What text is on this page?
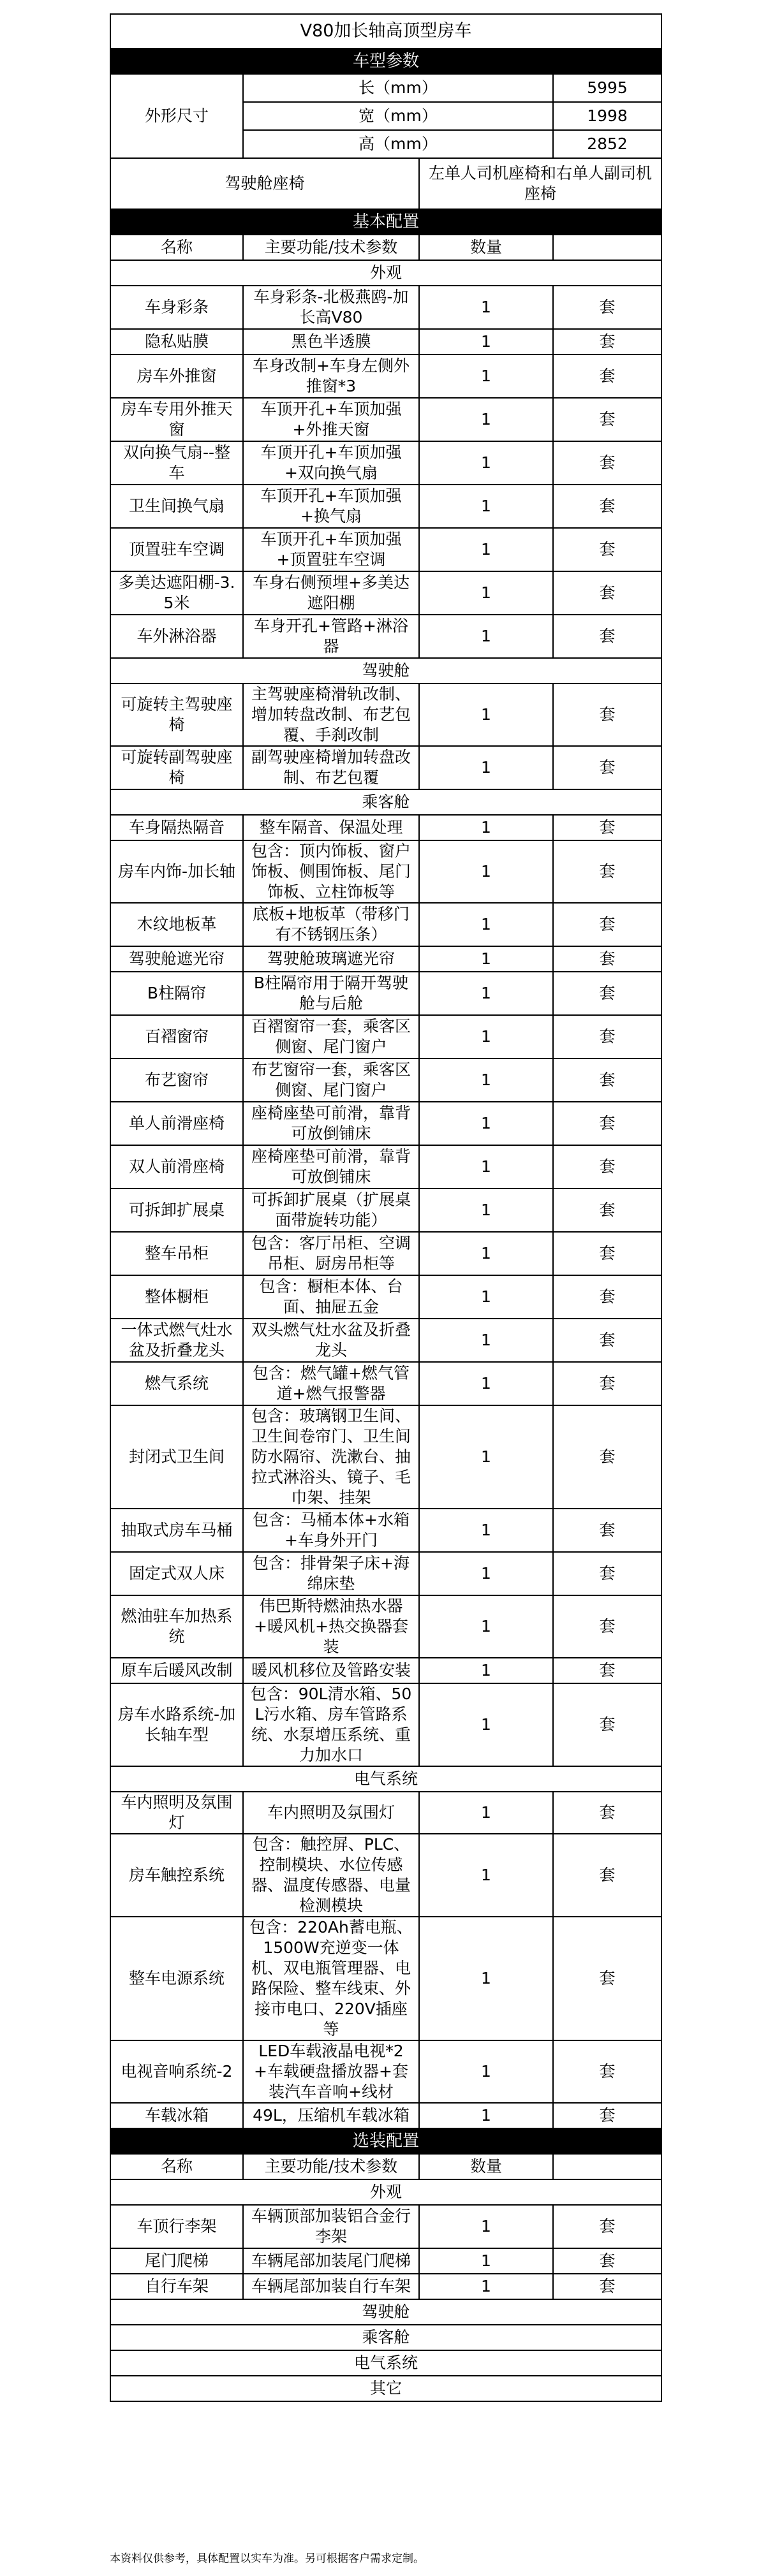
V80加长轴高顶型房车			
车型参数			
外形尺寸	长（mm）		5995
	宽（mm）		1998
	高（mm）		2852
驾驶舱座椅		左单人司机座椅和右单人副司机座椅	
基本配置			
名称	主要功能/技术参数	数量	
外观			
车身彩条	车身彩条-北极燕鸥-加长高V80	1	套
隐私贴膜	黑色半透膜	1	套
房车外推窗	车身改制+车身左侧外推窗*3	1	套
房车专用外推天窗	车顶开孔+车顶加强+外推天窗	1	套
双向换气扇--整车	车顶开孔+车顶加强+双向换气扇	1	套
卫生间换气扇	车顶开孔+车顶加强+换气扇	1	套
顶置驻车空调	车顶开孔+车顶加强+顶置驻车空调	1	套
多美达遮阳棚-3.5米	车身右侧预埋+多美达遮阳棚	1	套
车外淋浴器	车身开孔+管路+淋浴器	1	套
驾驶舱			
可旋转主驾驶座椅	主驾驶座椅滑轨改制、增加转盘改制、布艺包覆、手刹改制	1	套
可旋转副驾驶座椅	副驾驶座椅增加转盘改制、布艺包覆	1	套
乘客舱			
车身隔热隔音	整车隔音、保温处理	1	套
房车内饰-加长轴	包含：顶内饰板、窗户饰板、侧围饰板、尾门饰板、立柱饰板等	1	套
木纹地板革	底板+地板革（带移门有不锈钢压条）	1	套
驾驶舱遮光帘	驾驶舱玻璃遮光帘	1	套
B柱隔帘	B柱隔帘用于隔开驾驶舱与后舱	1	套
百褶窗帘	百褶窗帘一套，乘客区侧窗、尾门窗户	1	套
布艺窗帘	布艺窗帘一套，乘客区侧窗、尾门窗户	1	套
单人前滑座椅	座椅座垫可前滑，靠背可放倒铺床	1	套
双人前滑座椅	座椅座垫可前滑，靠背可放倒铺床	1	套
可拆卸扩展桌	可拆卸扩展桌（扩展桌面带旋转功能）	1	套
整车吊柜	包含：客厅吊柜、空调吊柜、厨房吊柜等	1	套
整体橱柜	包含：橱柜本体、台面、抽屉五金	1	套
一体式燃气灶水盆及折叠龙头	双头燃气灶水盆及折叠龙头	1	套
燃气系统	包含：燃气罐+燃气管道+燃气报警器	1	套
封闭式卫生间	包含：玻璃钢卫生间、卫生间卷帘门、卫生间防水隔帘、洗漱台、抽拉式淋浴头、镜子、毛巾架、挂架	1	套
抽取式房车马桶	包含：马桶本体+水箱+车身外开门	1	套
固定式双人床	包含：排骨架子床+海绵床垫	1	套
燃油驻车加热系统	伟巴斯特燃油热水器+暖风机+热交换器套装	1	套
原车后暖风改制	暖风机移位及管路安装	1	套
房车水路系统-加长轴车型	包含：90L清水箱、50L污水箱、房车管路系统、水泵增压系统、重力加水口	1	套
电气系统			
车内照明及氛围灯	车内照明及氛围灯	1	套
房车触控系统	包含：触控屏、PLC、控制模块、水位传感器、温度传感器、电量检测模块	1	套
整车电源系统	包含：220Ah蓄电瓶、1500W充逆变一体机、双电瓶管理器、电路保险、整车线束、外接市电口、220V插座等	1	套
电视音响系统-2	LED车载液晶电视*2+车载硬盘播放器+套装汽车音响+线材	1	套
车载冰箱	49L，压缩机车载冰箱	1	套
选装配置			
名称	主要功能/技术参数	数量	
外观			
车顶行李架	车辆顶部加装铝合金行李架	1	套
尾门爬梯	车辆尾部加装尾门爬梯	1	套
自行车架	车辆尾部加装自行车架	1	套
驾驶舱			
乘客舱			
电气系统			
其它			
本资料仅供参考，具体配置以实车为准。另可根据客户需求定制。
